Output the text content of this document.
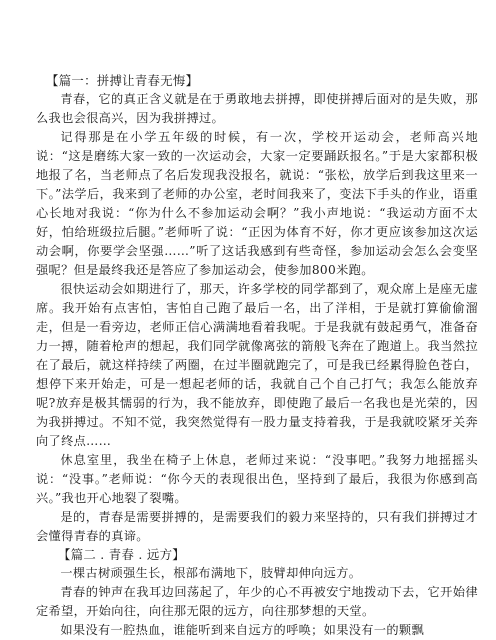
【篇一：拼搏让青春无悔】

青春，它的真正含义就是在于勇敢地去拼搏，即使拼搏后面对的是失败，那么我也会很高兴，因为我拼搏过。

记得那是在小学五年级的时候，有一次，学校开运动会，老师高兴地说：“这是磨练大家一致的一次运动会，大家一定要踊跃报名。”于是大家都积极地报了名，当老师点了名后发现我没报名，就说：“张松，放学后到我这里来一下。”法学后，我来到了老师的办公室，老时间我来了，变法下手头的作业，语重心长地对我说：“你为什么不参加运动会啊？”我小声地说：“我运动方面不太好，怕给班级拉后腿。”老师听了说：“正因为体育不好，你才更应该参加这次运动会啊，你要学会坚强……”听了这话我感到有些奇怪，参加运动会怎么会变坚强呢？但是最终我还是答应了参加运动会，使参加800米跑。

很快运动会如期进行了，那天，许多学校的同学都到了，观众席上是座无虚席。我开始有点害怕，害怕自己跑了最后一名，出了洋相，于是就打算偷偷溜走，但是一看旁边，老师正信心满满地看着我呢。于是我就有鼓起勇气，准备奋力一搏，随着枪声的想起，我们同学就像离弦的箭般飞奔在了跑道上。我当然拉在了最后，就这样持续了两圈，在过半圈就跑完了，可是我已经累得脸色苍白，想停下来开始走，可是一想起老师的话，我就自己个自己打气；我怎么能放弃呢?放弃是极其懦弱的行为，我不能放弃，即使跑了最后一名我也是光荣的，因为我拼搏过。不知不觉，我突然觉得有一股力量支持着我，于是我就咬紧牙关奔向了终点……

休息室里，我坐在椅子上休息，老师过来说：“没事吧。”我努力地摇摇头说：“没事。”老师说：“你今天的表现很出色，坚持到了最后，我很为你感到高兴。”我也开心地裂了裂嘴。

是的，青春是需要拼搏的，是需要我们的毅力来坚持的，只有我们拼搏过才会懂得青春的真谛。

【篇二 . 青春 . 远方】

一棵古树顽强生长，根部布满地下，肢臂却伸向远方。

青春的钟声在我耳边回荡起了，年少的心不再被安宁地拨动下去，它开始律定希望，开始向往，向往那无限的远方，向往那梦想的天堂。

如果没有一腔热血，谁能听到来自远方的呼唤；如果没有一的颗飘
